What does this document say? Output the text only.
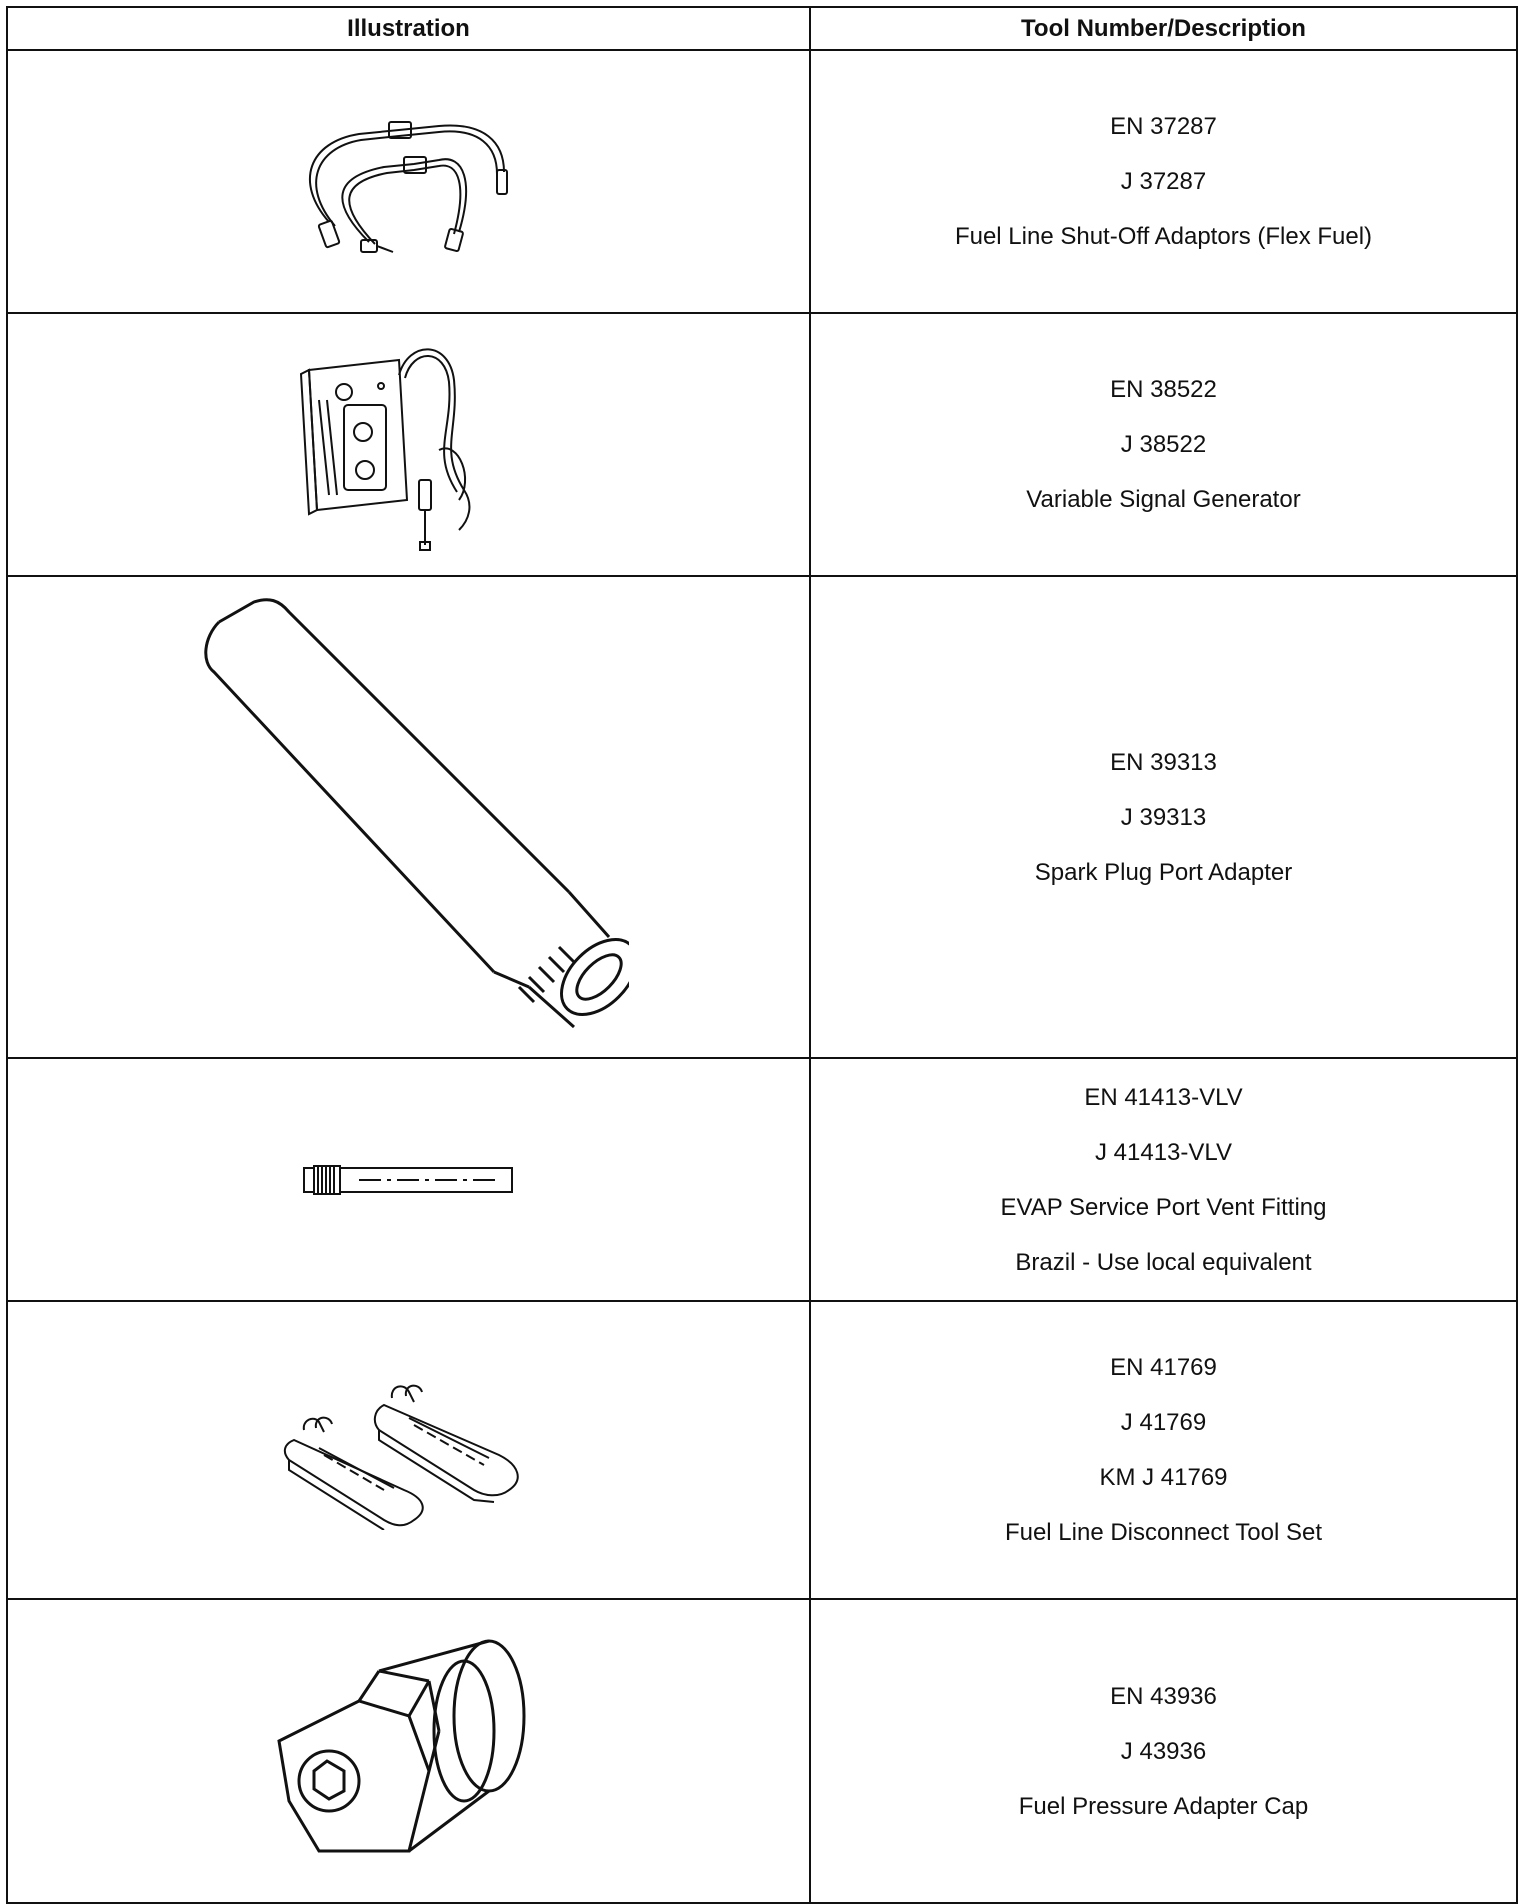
Illustration	Tool Number/Description

EN 37287
J 37287
Fuel Line Shut-Off Adaptors (Flex Fuel)

EN 38522
J 38522
Variable Signal Generator

EN 39313
J 39313
Spark Plug Port Adapter

EN 41413-VLV
J 41413-VLV
EVAP Service Port Vent Fitting
Brazil - Use local equivalent

EN 41769
J 41769
KM J 41769
Fuel Line Disconnect Tool Set

EN 43936
J 43936
Fuel Pressure Adapter Cap
